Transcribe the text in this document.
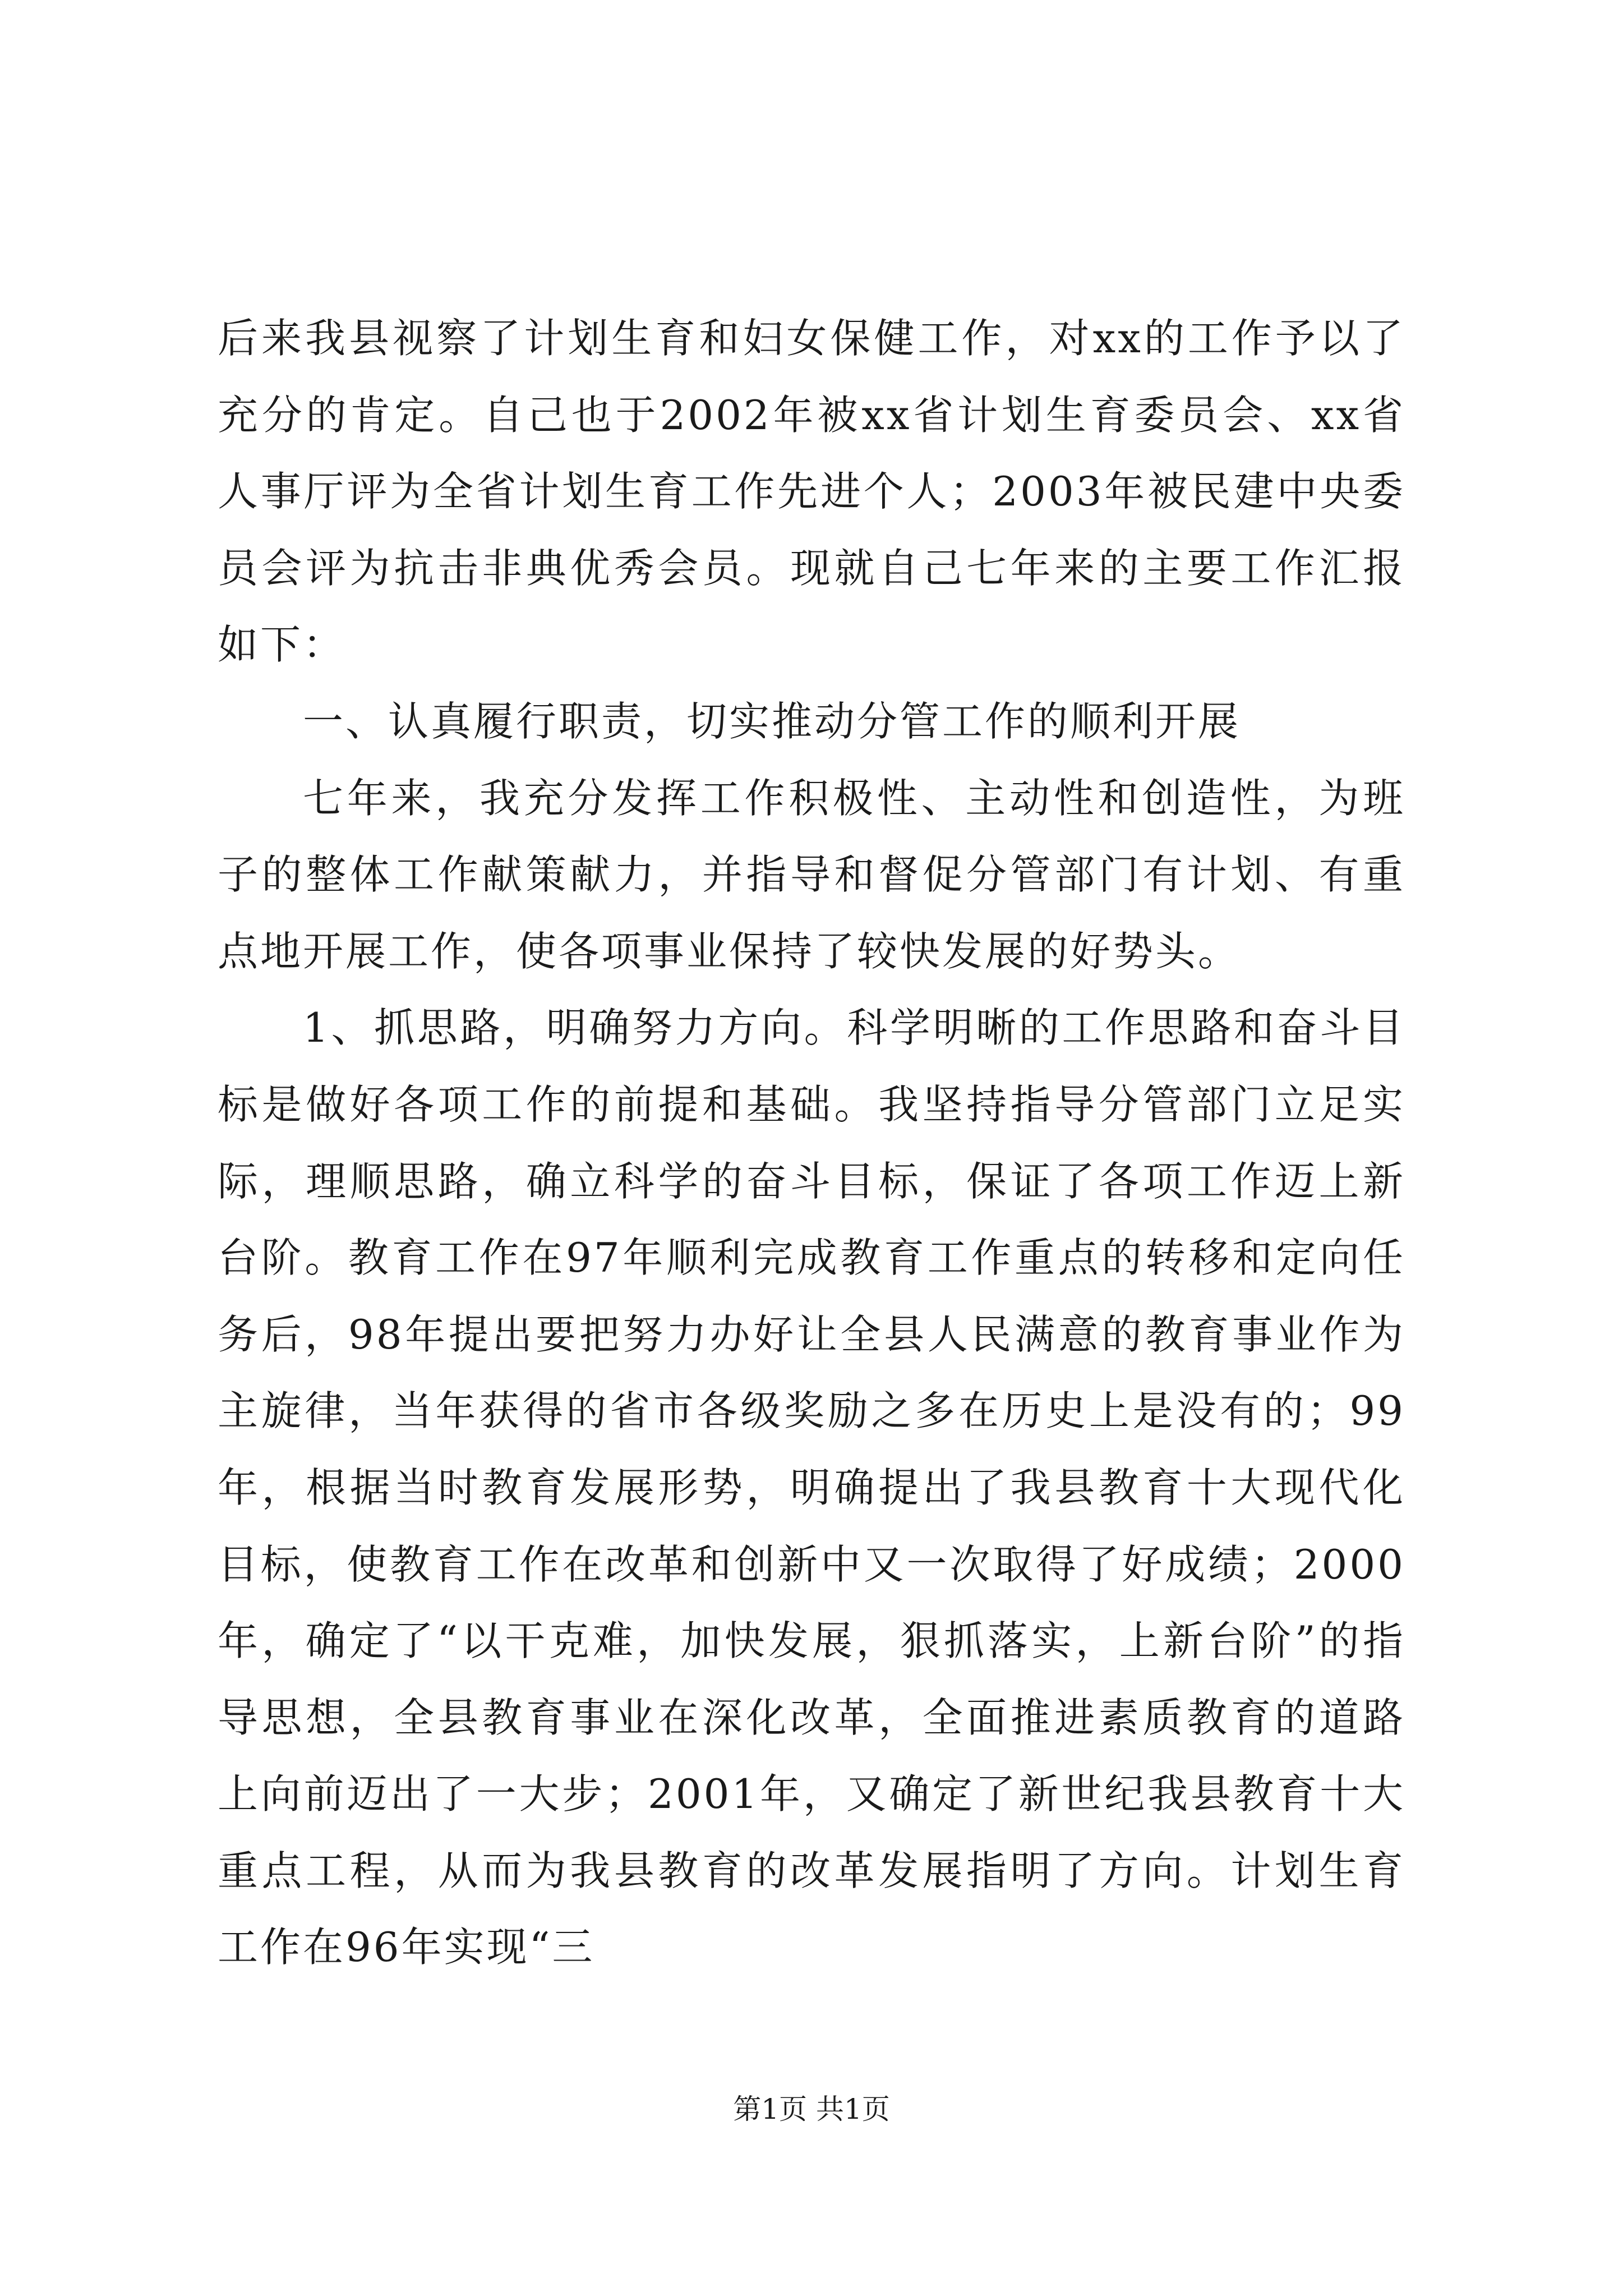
后来我县视察了计划生育和妇女保健工作，对xx的工作予以了充分的肯定。自己也于2002年被xx省计划生育委员会、xx省人事厅评为全省计划生育工作先进个人；2003年被民建中央委员会评为抗击非典优秀会员。现就自己七年来的主要工作汇报如下：

一、认真履行职责，切实推动分管工作的顺利开展

七年来，我充分发挥工作积极性、主动性和创造性，为班子的整体工作献策献力，并指导和督促分管部门有计划、有重点地开展工作，使各项事业保持了较快发展的好势头。

1、抓思路，明确努力方向。科学明晰的工作思路和奋斗目标是做好各项工作的前提和基础。我坚持指导分管部门立足实际，理顺思路，确立科学的奋斗目标，保证了各项工作迈上新台阶。教育工作在97年顺利完成教育工作重点的转移和定向任务后，98年提出要把努力办好让全县人民满意的教育事业作为主旋律，当年获得的省市各级奖励之多在历史上是没有的；99年，根据当时教育发展形势，明确提出了我县教育十大现代化目标，使教育工作在改革和创新中又一次取得了好成绩；2000年，确定了“以干克难，加快发展，狠抓落实，上新台阶”的指导思想，全县教育事业在深化改革，全面推进素质教育的道路上向前迈出了一大步；2001年，又确定了新世纪我县教育十大重点工程，从而为我县教育的改革发展指明了方向。计划生育工作在96年实现“三

第1页 共1页
